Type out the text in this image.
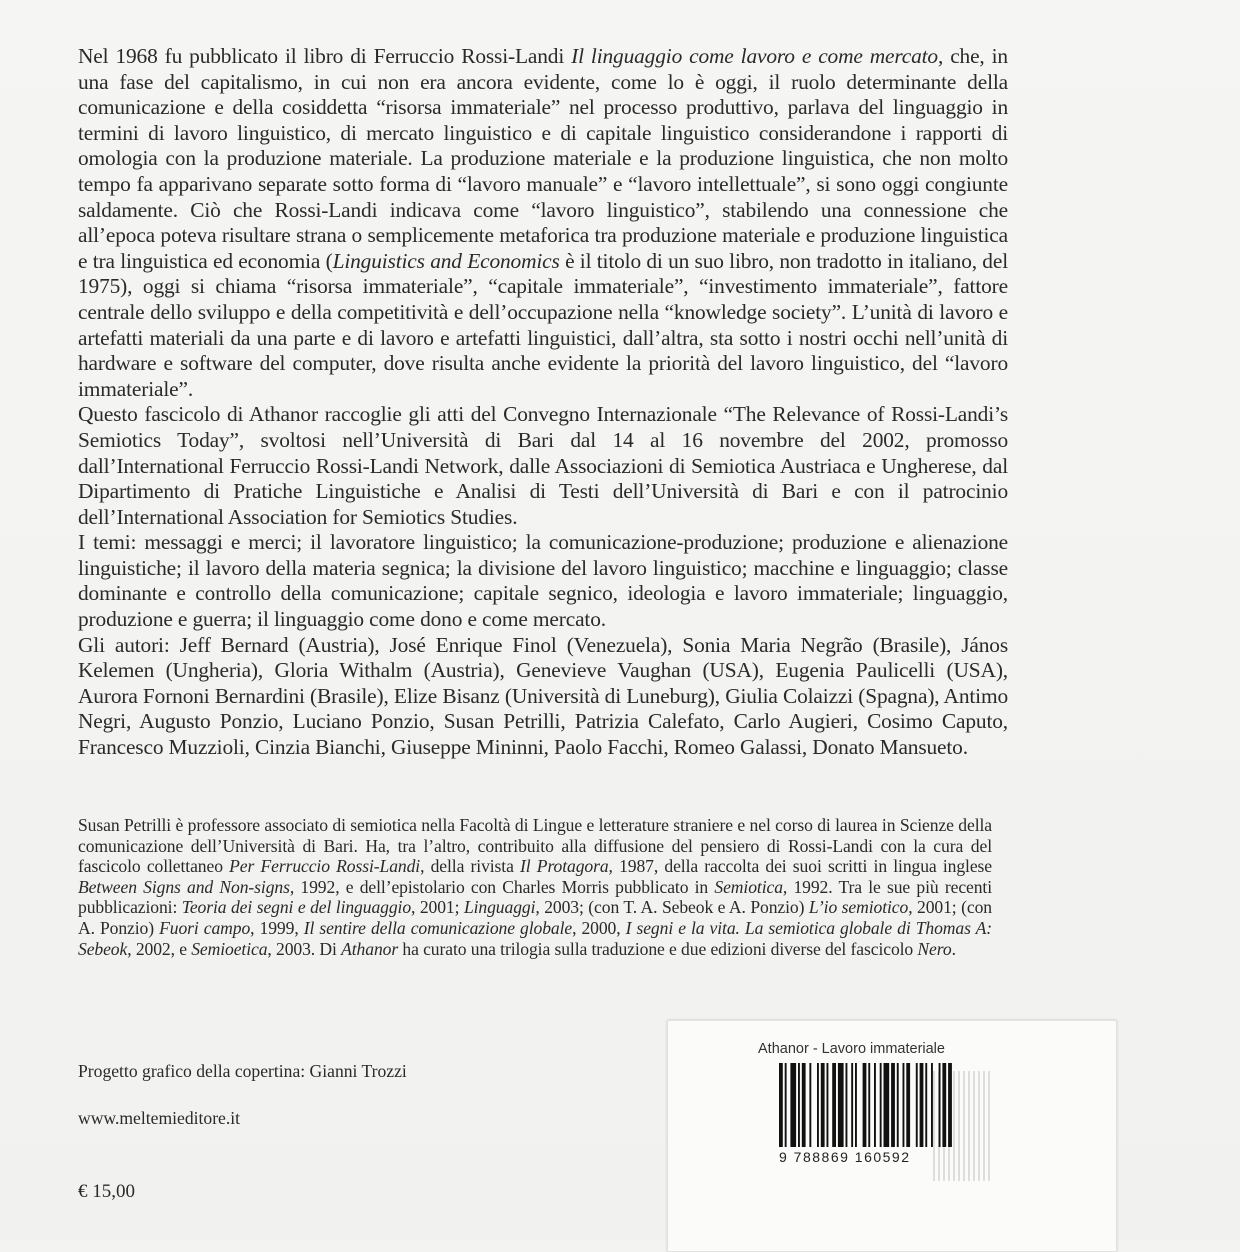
Nel 1968 fu pubblicato il libro di Ferruccio Rossi-Landi Il linguaggio come lavoro e come mercato, che, in una fase del capitalismo, in cui non era ancora evidente, come lo è oggi, il ruolo determinante della comunicazione e della cosiddetta “risorsa immateriale” nel processo produttivo, parlava del linguaggio in termini di lavoro linguistico, di mercato linguistico e di capitale linguistico considerandone i rapporti di omologia con la produzione materiale. La produzione materiale e la produzione linguistica, che non molto tempo fa apparivano separate sotto forma di “lavoro manuale” e “lavoro intellettuale”, si sono oggi congiunte saldamente. Ciò che Rossi-Landi indicava come “lavoro linguistico”, stabilendo una connessione che all’epoca poteva risultare strana o semplicemente metaforica tra produzione materiale e produzione linguistica e tra linguistica ed economia (Linguistics and Economics è il titolo di un suo libro, non tradotto in italiano, del 1975), oggi si chiama “risorsa immateriale”, “capitale immateriale”, “investimento immateriale”, fattore centrale dello sviluppo e della competitività e dell’occupazione nella “knowledge society”. L’unità di lavoro e artefatti materiali da una parte e di lavoro e artefatti linguistici, dall’altra, sta sotto i nostri occhi nell’unità di hardware e software del computer, dove risulta anche evidente la priorità del lavoro linguistico, del “lavoro immateriale”.

Questo fascicolo di Athanor raccoglie gli atti del Convegno Internazionale “The Relevance of Rossi-Landi’s Semiotics Today”, svoltosi nell’Università di Bari dal 14 al 16 novembre del 2002, promosso dall’International Ferruccio Rossi-Landi Network, dalle Associazioni di Semiotica Austriaca e Ungherese, dal Dipartimento di Pratiche Linguistiche e Analisi di Testi dell’Università di Bari e con il patrocinio dell’International Association for Semiotics Studies.

I temi: messaggi e merci; il lavoratore linguistico; la comunicazione-produzione; produzione e alienazione linguistiche; il lavoro della materia segnica; la divisione del lavoro linguistico; macchine e linguaggio; classe dominante e controllo della comunicazione; capitale segnico, ideologia e lavoro immateriale; linguaggio, produzione e guerra; il linguaggio come dono e come mercato.

Gli autori: Jeff Bernard (Austria), José Enrique Finol (Venezuela), Sonia Maria Negrão (Brasile), János Kelemen (Ungheria), Gloria Withalm (Austria), Genevieve Vaughan (USA), Eugenia Paulicelli (USA), Aurora Fornoni Bernardini (Brasile), Elize Bisanz (Università di Luneburg), Giulia Colaizzi (Spagna), Antimo Negri, Augusto Ponzio, Luciano Ponzio, Susan Petrilli, Patrizia Calefato, Carlo Augieri, Cosimo Caputo, Francesco Muzzioli, Cinzia Bianchi, Giuseppe Mininni, Paolo Facchi, Romeo Galassi, Donato Mansueto.

Susan Petrilli è professore associato di semiotica nella Facoltà di Lingue e letterature straniere e nel corso di laurea in Scienze della comunicazione dell’Università di Bari. Ha, tra l’altro, contribuito alla diffusione del pensiero di Rossi-Landi con la cura del fascicolo collettaneo Per Ferruccio Rossi-Landi, della rivista Il Protagora, 1987, della raccolta dei suoi scritti in lingua inglese Between Signs and Non-signs, 1992, e dell’epistolario con Charles Morris pubblicato in Semiotica, 1992. Tra le sue più recenti pubblicazioni: Teoria dei segni e del linguaggio, 2001; Linguaggi, 2003; (con T. A. Sebeok e A. Ponzio) L’io semiotico, 2001; (con A. Ponzio) Fuori campo, 1999, Il sentire della comunicazione globale, 2000, I segni e la vita. La semiotica globale di Thomas A: Sebeok, 2002, e Semioetica, 2003. Di Athanor ha curato una trilogia sulla traduzione e due edizioni diverse del fascicolo Nero.

Progetto grafico della copertina: Gianni Trozzi
www.meltemieditore.it
€ 15,00
Athanor - Lavoro immateriale
9 788869 160592
